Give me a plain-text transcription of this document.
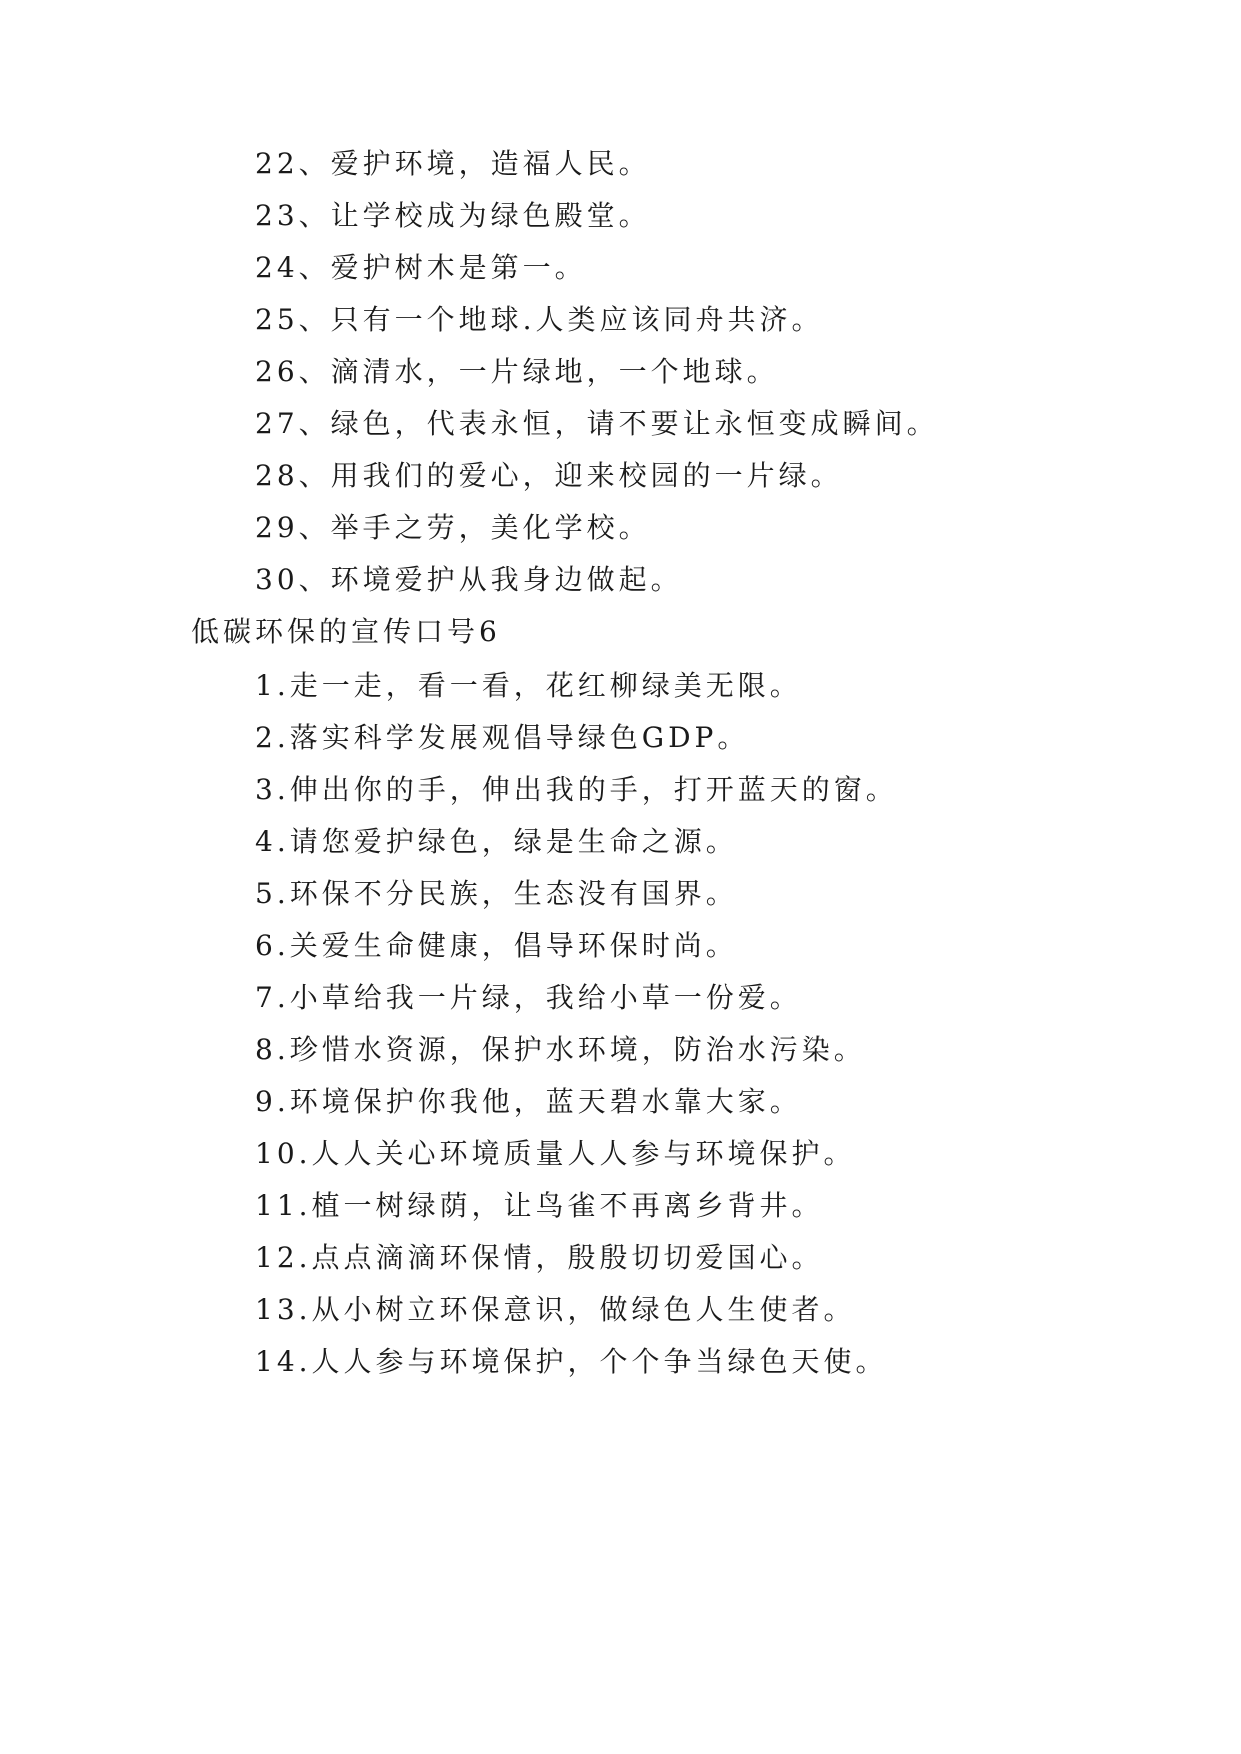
22、爱护环境，造福人民。
23、让学校成为绿色殿堂。
24、爱护树木是第一。
25、只有一个地球.人类应该同舟共济。
26、滴清水，一片绿地，一个地球。
27、绿色，代表永恒，请不要让永恒变成瞬间。
28、用我们的爱心，迎来校园的一片绿。
29、举手之劳，美化学校。
30、环境爱护从我身边做起。
低碳环保的宣传口号6
1.走一走，看一看，花红柳绿美无限。
2.落实科学发展观倡导绿色GDP。
3.伸出你的手，伸出我的手，打开蓝天的窗。
4.请您爱护绿色，绿是生命之源。
5.环保不分民族，生态没有国界。
6.关爱生命健康，倡导环保时尚。
7.小草给我一片绿，我给小草一份爱。
8.珍惜水资源，保护水环境，防治水污染。
9.环境保护你我他，蓝天碧水靠大家。
10.人人关心环境质量人人参与环境保护。
11.植一树绿荫，让鸟雀不再离乡背井。
12.点点滴滴环保情，殷殷切切爱国心。
13.从小树立环保意识，做绿色人生使者。
14.人人参与环境保护，个个争当绿色天使。
